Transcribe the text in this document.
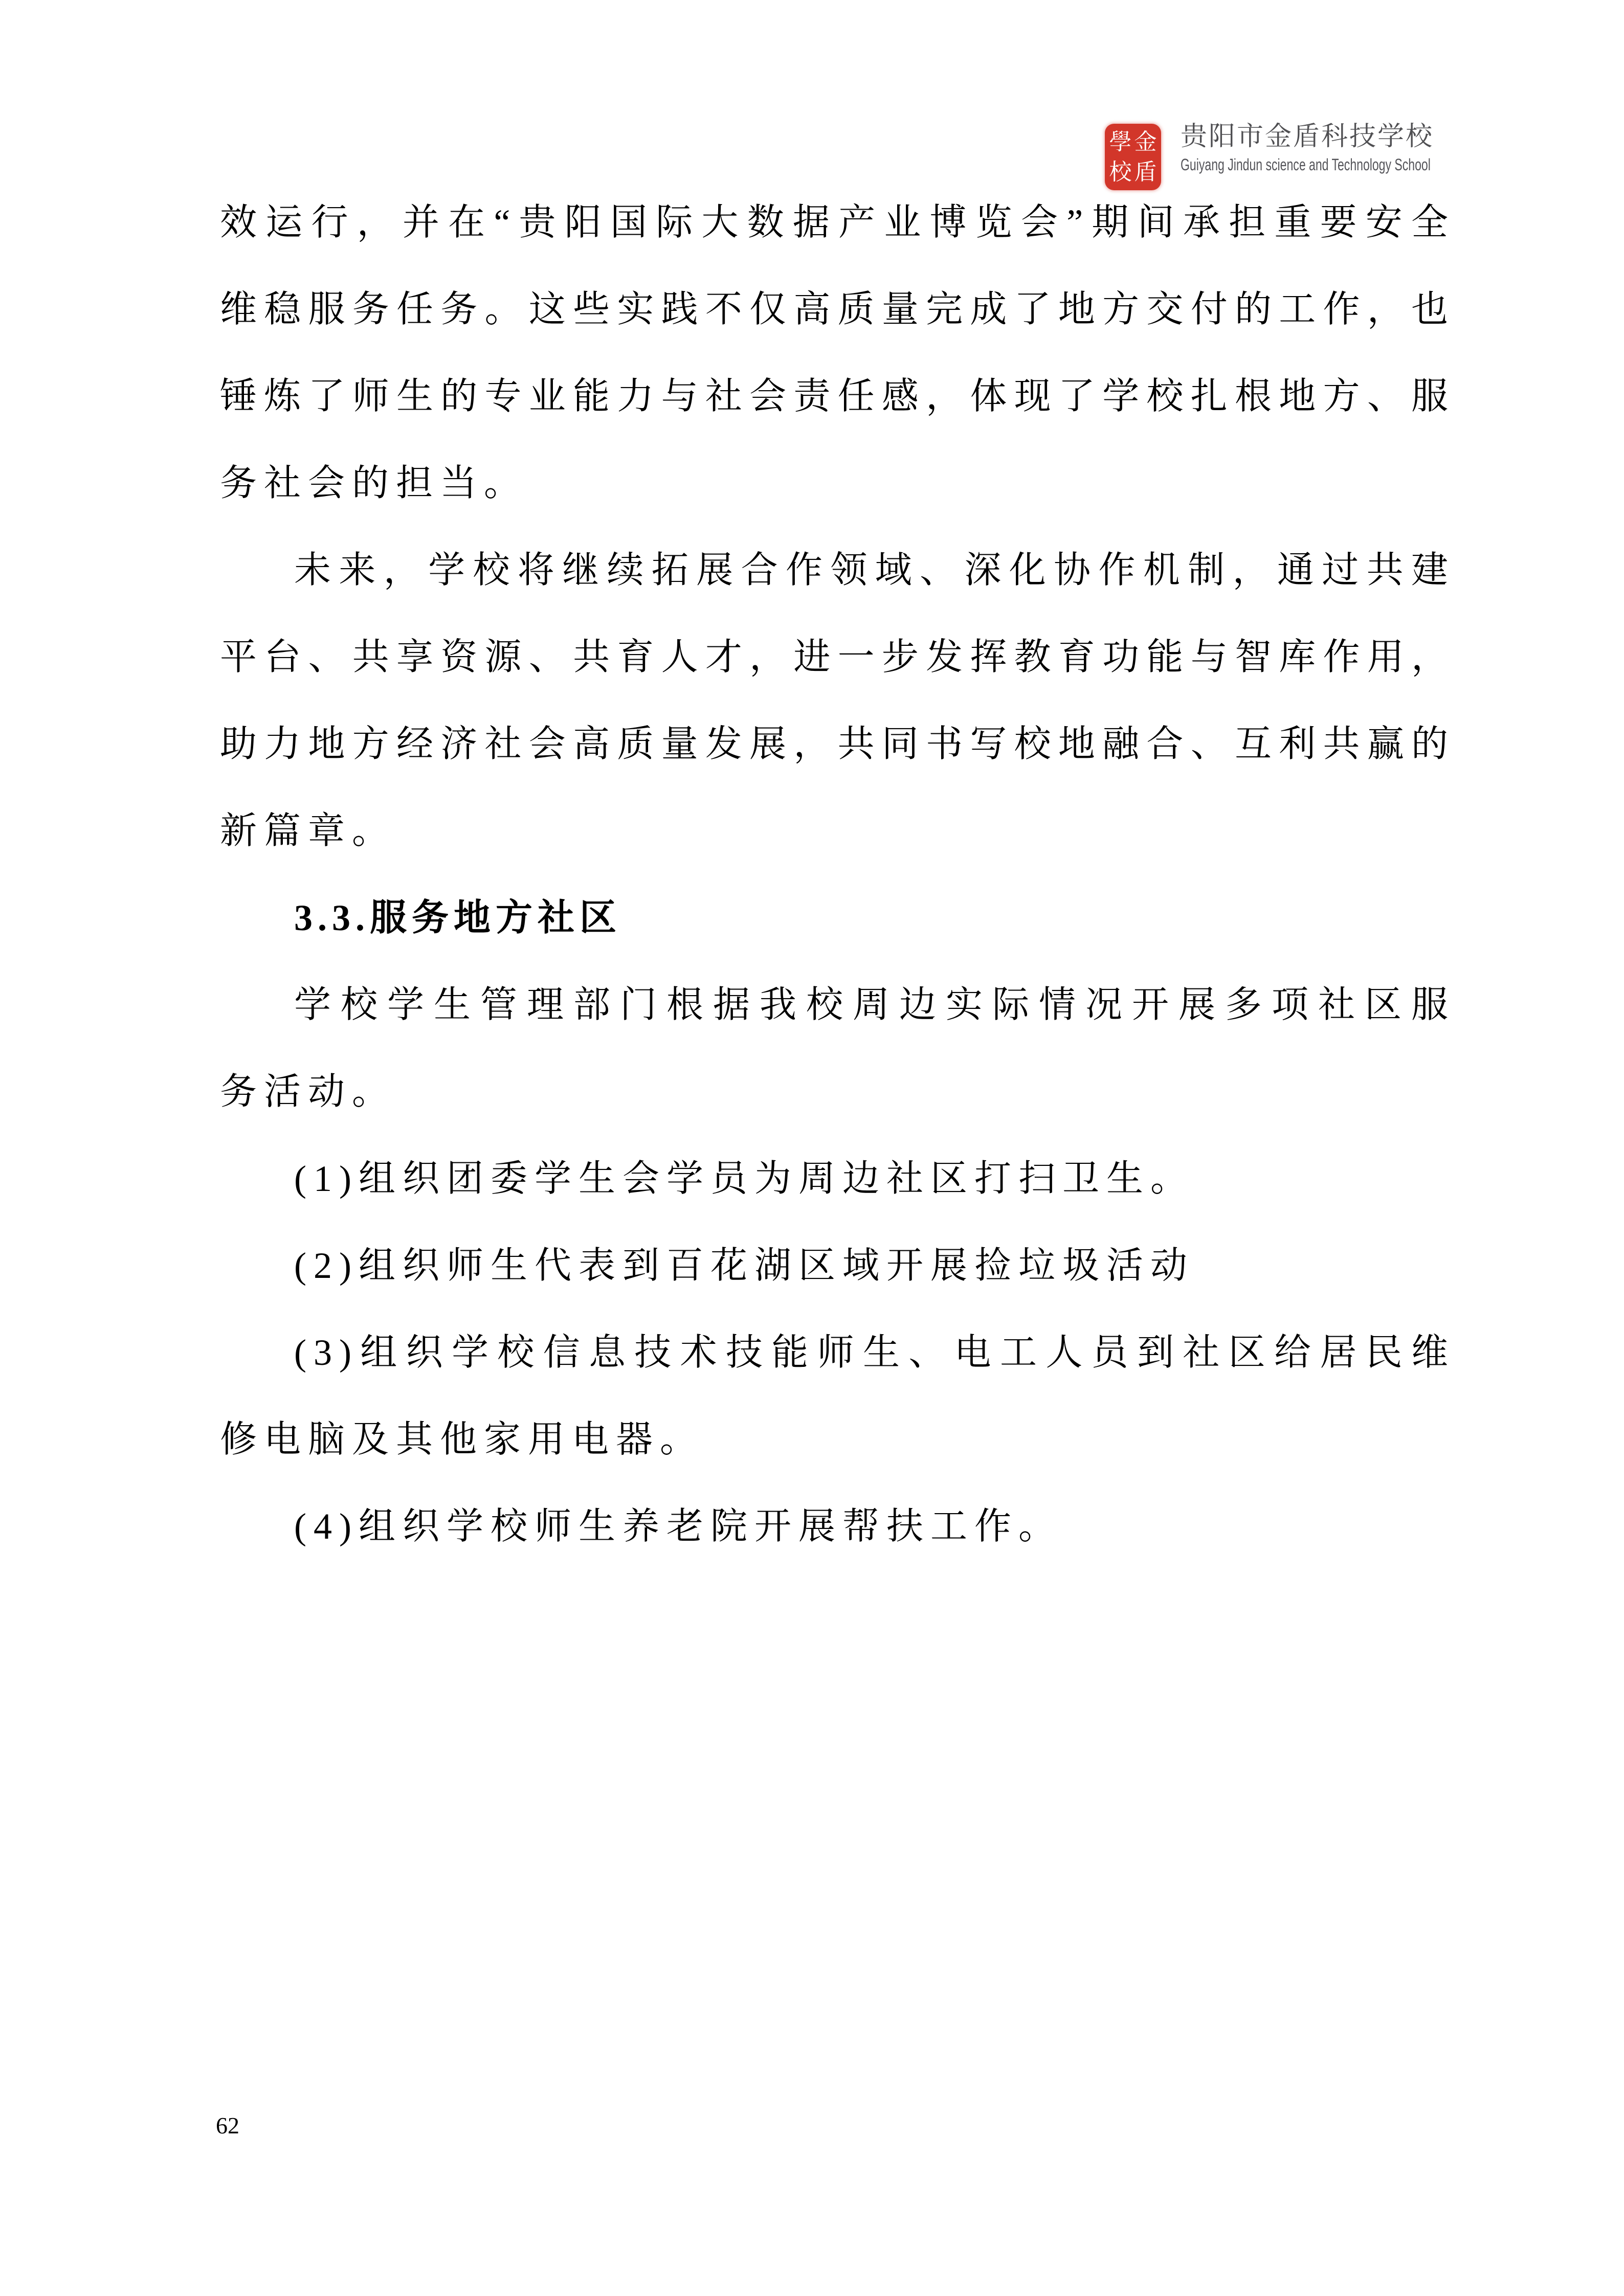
學 金
校 盾
贵阳市金盾科技学校
Guiyang Jindun science and Technology School
效运行，并在“贵阳国际大数据产业博览会”期间承担重要安全
维稳服务任务。这些实践不仅高质量完成了地方交付的工作，也
锤炼了师生的专业能力与社会责任感，体现了学校扎根地方、服
务社会的担当。
未来，学校将继续拓展合作领域、深化协作机制，通过共建
平台、共享资源、共育人才，进一步发挥教育功能与智库作用，
助力地方经济社会高质量发展，共同书写校地融合、互利共赢的
新篇章。
3.3.服务地方社区
学校学生管理部门根据我校周边实际情况开展多项社区服
务活动。
(1)组织团委学生会学员为周边社区打扫卫生。
(2)组织师生代表到百花湖区域开展捡垃圾活动
(3)组织学校信息技术技能师生、电工人员到社区给居民维
修电脑及其他家用电器。
(4)组织学校师生养老院开展帮扶工作。
62
